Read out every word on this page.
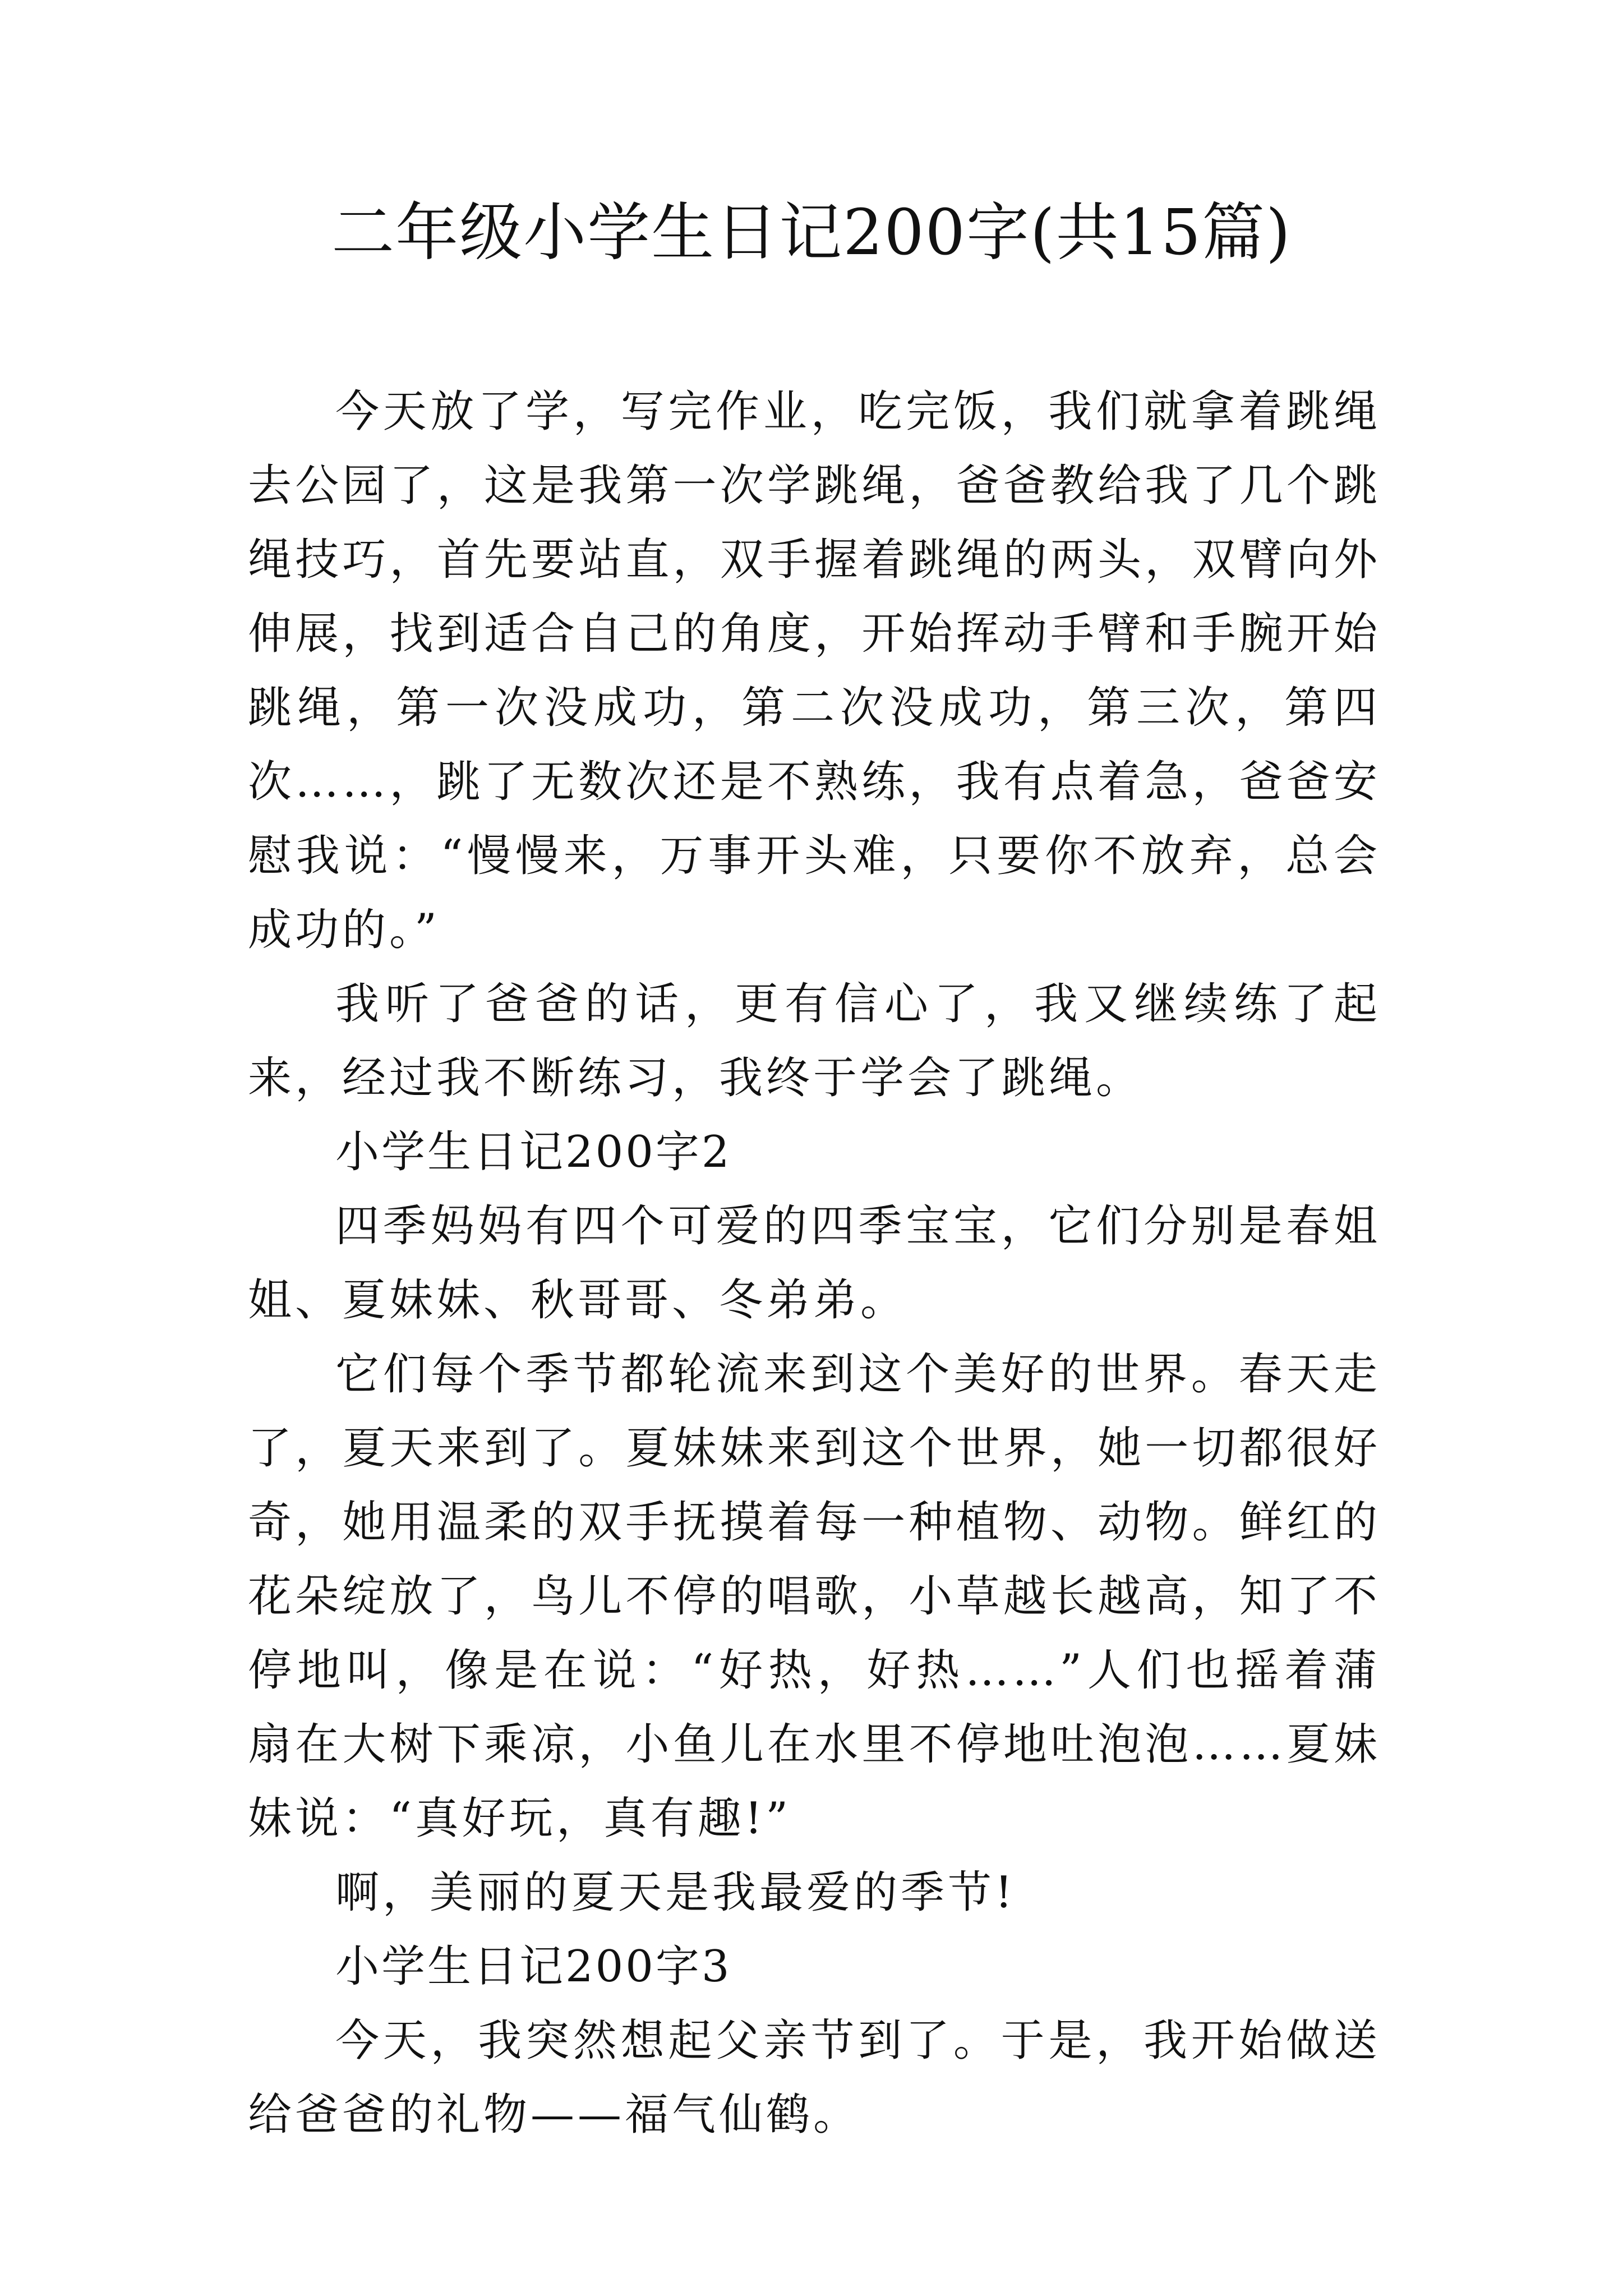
二年级小学生日记200字(共15篇)

今天放了学，写完作业，吃完饭，我们就拿着跳绳去公园了，这是我第一次学跳绳，爸爸教给我了几个跳绳技巧，首先要站直，双手握着跳绳的两头，双臂向外伸展，找到适合自己的角度，开始挥动手臂和手腕开始跳绳，第一次没成功，第二次没成功，第三次，第四次……，跳了无数次还是不熟练，我有点着急，爸爸安慰我说：“慢慢来，万事开头难，只要你不放弃，总会成功的。”

我听了爸爸的话，更有信心了，我又继续练了起来，经过我不断练习，我终于学会了跳绳。

小学生日记200字2

四季妈妈有四个可爱的四季宝宝，它们分别是春姐姐、夏妹妹、秋哥哥、冬弟弟。

它们每个季节都轮流来到这个美好的世界。春天走了，夏天来到了。夏妹妹来到这个世界，她一切都很好奇，她用温柔的双手抚摸着每一种植物、动物。鲜红的花朵绽放了，鸟儿不停的唱歌，小草越长越高，知了不停地叫，像是在说：“好热，好热……”人们也摇着蒲扇在大树下乘凉，小鱼儿在水里不停地吐泡泡……夏妹妹说：“真好玩，真有趣!”

啊，美丽的夏天是我最爱的季节!

小学生日记200字3

今天，我突然想起父亲节到了。于是，我开始做送给爸爸的礼物——福气仙鹤。
